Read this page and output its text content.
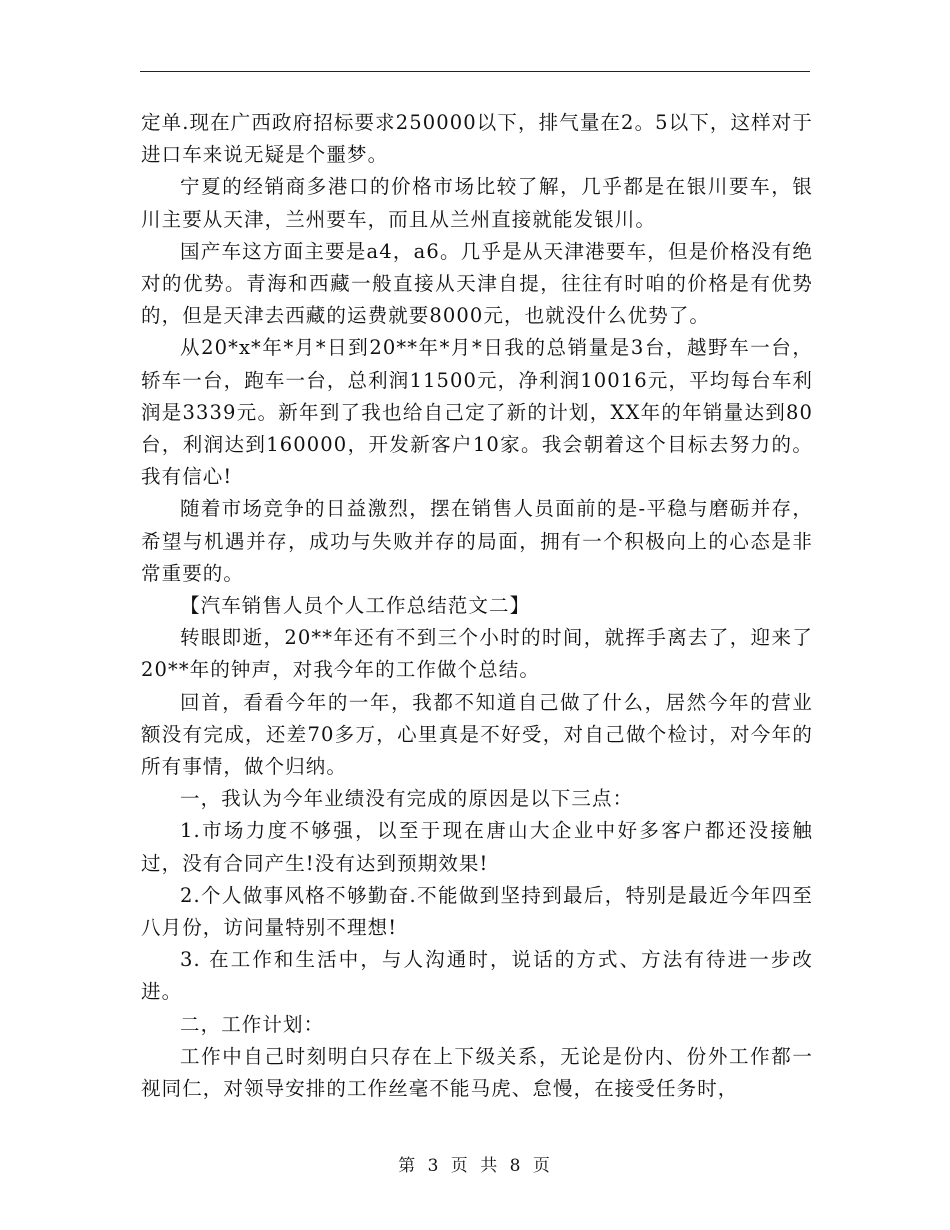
定单.现在广西政府招标要求250000以下，排气量在2。5以下，这样对于进口车来说无疑是个噩梦。

宁夏的经销商多港口的价格市场比较了解，几乎都是在银川要车，银川主要从天津，兰州要车，而且从兰州直接就能发银川。

国产车这方面主要是a4，a6。几乎是从天津港要车，但是价格没有绝对的优势。青海和西藏一般直接从天津自提，往往有时咱的价格是有优势的，但是天津去西藏的运费就要8000元，也就没什么优势了。

从20*x*年*月*日到20**年*月*日我的总销量是3台，越野车一台，轿车一台，跑车一台，总利润11500元，净利润10016元，平均每台车利润是3339元。新年到了我也给自己定了新的计划，XX年的年销量达到80台，利润达到160000，开发新客户10家。我会朝着这个目标去努力的。我有信心!

随着市场竞争的日益激烈，摆在销售人员面前的是-平稳与磨砺并存，希望与机遇并存，成功与失败并存的局面，拥有一个积极向上的心态是非常重要的。

【汽车销售人员个人工作总结范文二】

转眼即逝，20**年还有不到三个小时的时间，就挥手离去了，迎来了20**年的钟声，对我今年的工作做个总结。

回首，看看今年的一年，我都不知道自己做了什么，居然今年的营业额没有完成，还差70多万，心里真是不好受，对自己做个检讨，对今年的所有事情，做个归纳。

一，我认为今年业绩没有完成的原因是以下三点：

1.市场力度不够强，以至于现在唐山大企业中好多客户都还没接触过，没有合同产生!没有达到预期效果!

2.个人做事风格不够勤奋.不能做到坚持到最后，特别是最近今年四至八月份，访问量特别不理想!

3. 在工作和生活中，与人沟通时，说话的方式、方法有待进一步改进。

二，工作计划：

工作中自己时刻明白只存在上下级关系，无论是份内、份外工作都一视同仁，对领导安排的工作丝毫不能马虎、怠慢，在接受任务时，

第 3 页 共 8 页
